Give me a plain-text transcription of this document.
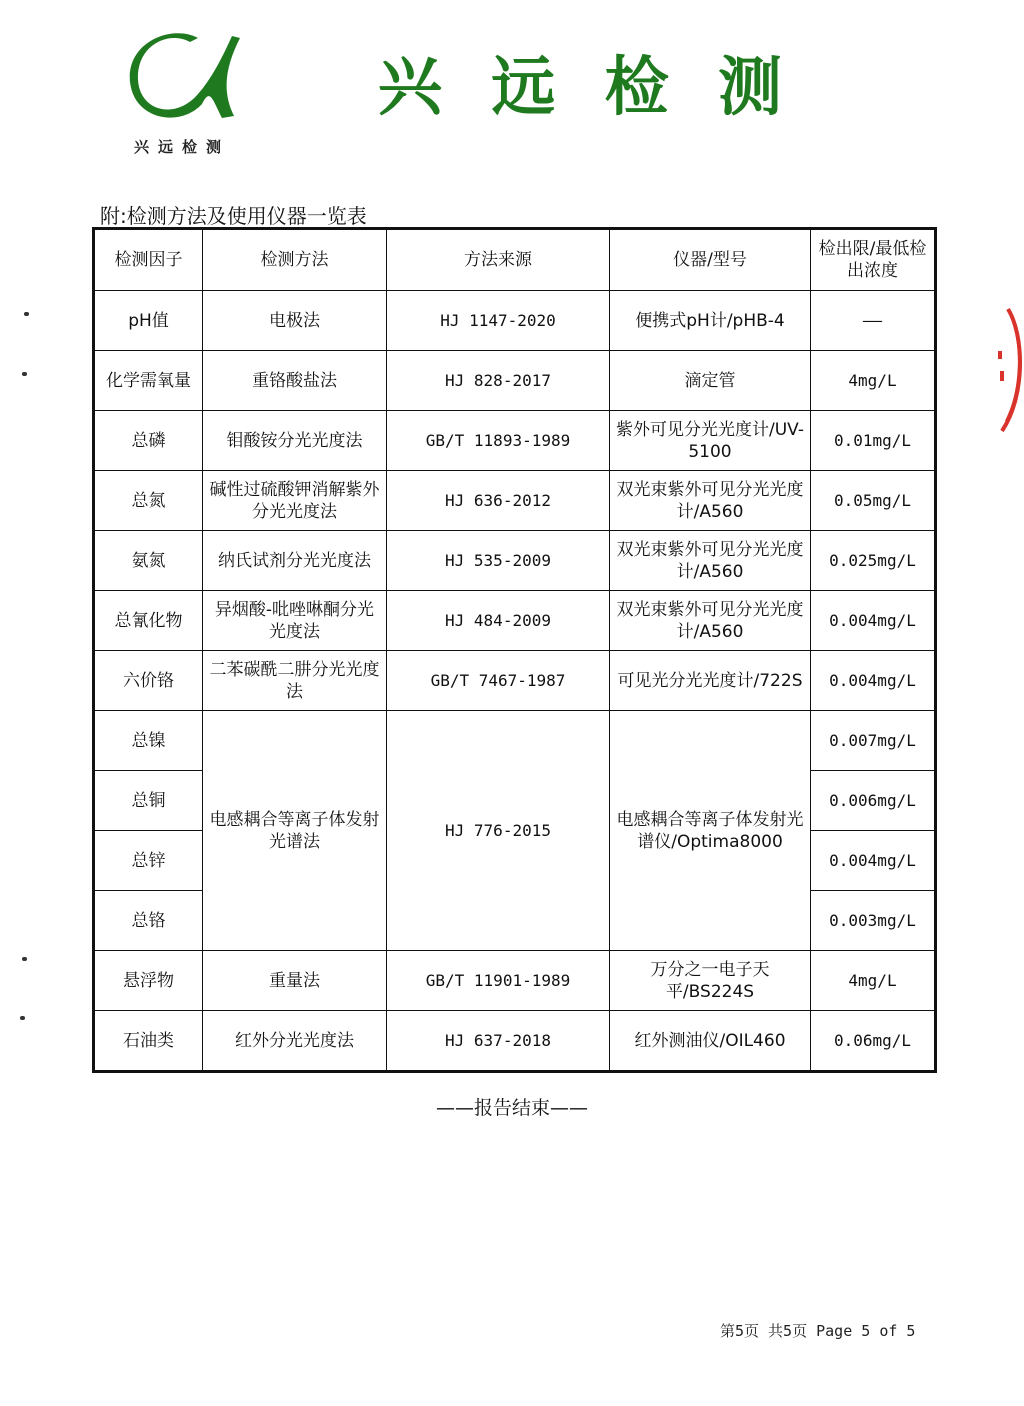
兴远检测
兴 远 检 测
附:检测方法及使用仪器一览表
检测因子	检测方法	方法来源	仪器/型号	检出限/最低检出浓度
pH值	电极法	HJ 1147-2020	便携式pH计/pHB-4	——
化学需氧量	重铬酸盐法	HJ 828-2017	滴定管	4mg/L
总磷	钼酸铵分光光度法	GB/T 11893-1989	紫外可见分光光度计/UV-5100	0.01mg/L
总氮	碱性过硫酸钾消解紫外分光光度法	HJ 636-2012	双光束紫外可见分光光度计/A560	0.05mg/L
氨氮	纳氏试剂分光光度法	HJ 535-2009	双光束紫外可见分光光度计/A560	0.025mg/L
总氰化物	异烟酸-吡唑啉酮分光光度法	HJ 484-2009	双光束紫外可见分光光度计/A560	0.004mg/L
六价铬	二苯碳酰二肼分光光度法	GB/T 7467-1987	可见光分光光度计/722S	0.004mg/L
总镍	电感耦合等离子体发射光谱法	HJ 776-2015	电感耦合等离子体发射光谱仪/Optima8000	0.007mg/L
总铜				0.006mg/L
总锌				0.004mg/L
总铬				0.003mg/L
悬浮物	重量法	GB/T 11901-1989	万分之一电子天平/BS224S	4mg/L
石油类	红外分光光度法	HJ 637-2018	红外测油仪/OIL460	0.06mg/L
——报告结束——
第5页 共5页 Page 5 of 5
